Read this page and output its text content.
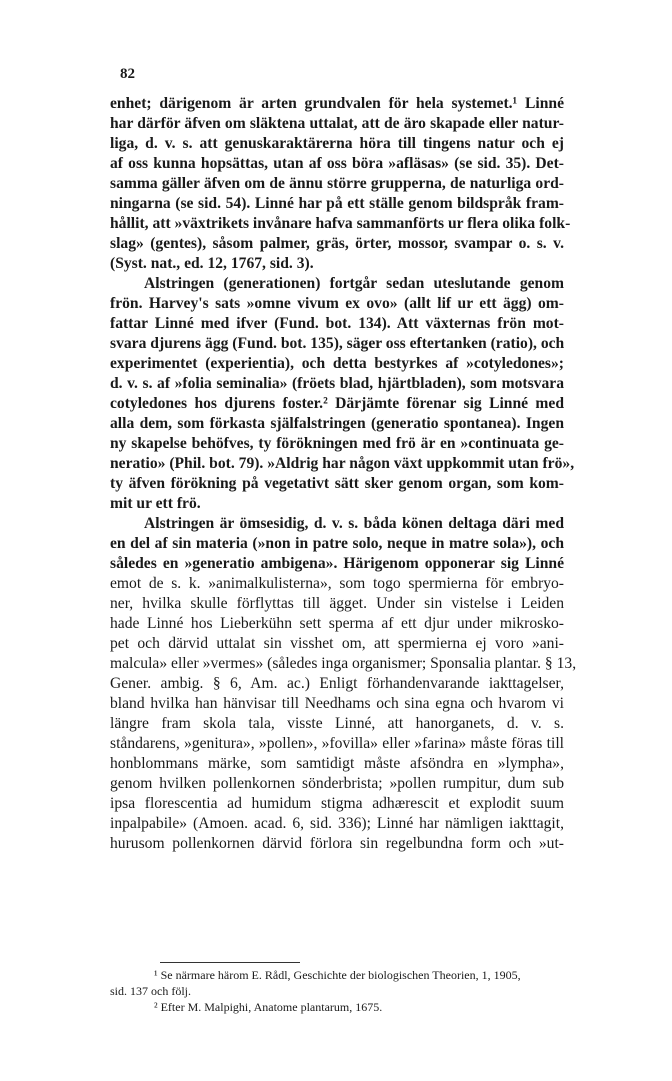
82
enhet; därigenom är arten grundvalen för hela systemet.¹ Linné
har därför äfven om släktena uttalat, att de äro skapade eller natur-
liga, d. v. s. att genuskaraktärerna höra till tingens natur och ej
af oss kunna hopsättas, utan af oss böra »afläsas» (se sid. 35). Det-
samma gäller äfven om de ännu större grupperna, de naturliga ord-
ningarna (se sid. 54). Linné har på ett ställe genom bildspråk fram-
hållit, att »växtrikets invånare hafva sammanförts ur flera olika folk-
slag» (gentes), såsom palmer, gräs, örter, mossor, svampar o. s. v.
(Syst. nat., ed. 12, 1767, sid. 3).
Alstringen (generationen) fortgår sedan uteslutande genom
frön. Harvey's sats »omne vivum ex ovo» (allt lif ur ett ägg) om-
fattar Linné med ifver (Fund. bot. 134). Att växternas frön mot-
svara djurens ägg (Fund. bot. 135), säger oss eftertanken (ratio), och
experimentet (experientia), och detta bestyrkes af »cotyledones»;
d. v. s. af »folia seminalia» (fröets blad, hjärtbladen), som motsvara
cotyledones hos djurens foster.² Därjämte förenar sig Linné med
alla dem, som förkasta själfalstringen (generatio spontanea). Ingen
ny skapelse behöfves, ty förökningen med frö är en »continuata ge-
neratio» (Phil. bot. 79). »Aldrig har någon växt uppkommit utan frö»,
ty äfven förökning på vegetativt sätt sker genom organ, som kom-
mit ur ett frö.
Alstringen är ömsesidig, d. v. s. båda könen deltaga däri med
en del af sin materia (»non in patre solo, neque in matre sola»), och
således en »generatio ambigena». Härigenom opponerar sig Linné
emot de s. k. »animalkulisterna», som togo spermierna för embryo-
ner, hvilka skulle förflyttas till ägget. Under sin vistelse i Leiden
hade Linné hos Lieberkühn sett sperma af ett djur under mikrosko-
pet och därvid uttalat sin visshet om, att spermierna ej voro »ani-
malcula» eller »vermes» (således inga organismer; Sponsalia plantar. § 13,
Gener. ambig. § 6, Am. ac.) Enligt förhandenvarande iakttagelser,
bland hvilka han hänvisar till Needhams och sina egna och hvarom vi
längre fram skola tala, visste Linné, att hanorganets, d. v. s.
ståndarens, »genitura», »pollen», »fovilla» eller »farina» måste föras till
honblommans märke, som samtidigt måste afsöndra en »lympha»,
genom hvilken pollenkornen sönderbrista; »pollen rumpitur, dum sub
ipsa florescentia ad humidum stigma adhærescit et explodit suum
inpalpabile» (Amoen. acad. 6, sid. 336); Linné har nämligen iakttagit,
hurusom pollenkornen därvid förlora sin regelbundna form och »ut-
¹ Se närmare härom E. Rådl, Geschichte der biologischen Theorien, 1, 1905,
sid. 137 och följ.
² Efter M. Malpighi, Anatome plantarum, 1675.
